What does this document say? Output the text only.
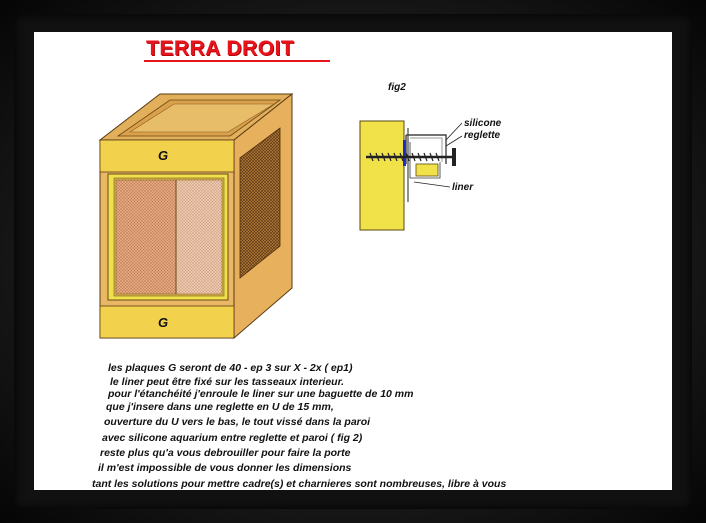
TERRA DROIT
G
G
fig2
silicone
reglette
liner
les plaques G seront de 40 - ep 3 sur X - 2x ( ep1)
le liner peut être fixé sur les tasseaux interieur.
pour l'étanchéité j'enroule le liner sur une baguette de 10 mm
que j'insere dans une reglette en U de 15 mm,
ouverture du U vers le bas, le tout vissé dans la paroi
avec silicone aquarium entre reglette et paroi ( fig 2)
reste plus qu'a vous debrouiller pour faire la porte
il m'est impossible de vous donner les dimensions
tant les solutions pour mettre cadre(s) et charnieres sont nombreuses, libre à vous
